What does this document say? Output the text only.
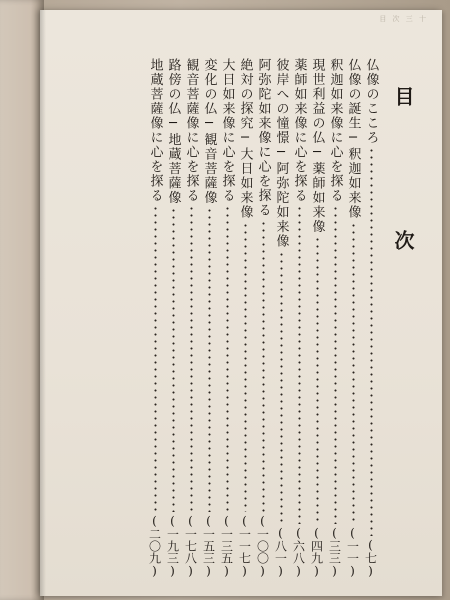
目 次 三 十
目 次
仏像のこころ
(七)
仏像の誕生─釈迦如来像
(一一)
釈迦如来像に心を探る
(三三)
現世利益の仏─薬師如来像
(四九)
薬師如来像に心を探る
(六八)
彼岸への憧憬─阿弥陀如来像
(八一)
阿弥陀如来像に心を探る
(一〇〇)
絶対の探究─大日如来像
(一一七)
大日如来像に心を探る
(一三五)
変化の仏─観音菩薩像
(一五三)
観音菩薩像に心を探る
(一七八)
路傍の仏─地蔵菩薩像
(一九三)
地蔵菩薩像に心を探る
(二〇九)
